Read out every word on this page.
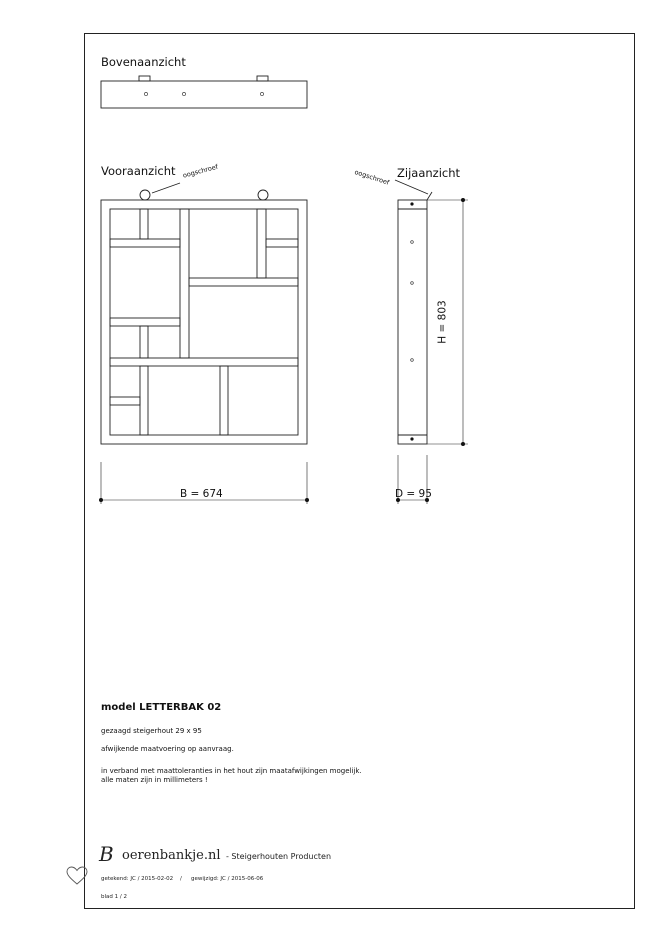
Bovenaanzicht
Vooraanzicht	Zijaanzicht
oogschroef	oogschroef
B = 674	D = 95
H = 803
model LETTERBAK 02
gezaagd steigerhout 29 x 95
afwijkende maatvoering op aanvraag.
in verband met maattoleranties in het hout zijn maatafwijkingen mogelijk.
alle maten zijn in millimeters !
B oerenbankje.nl - Steigerhouten Producten
getekend: JC / 2015-02-02 / gewijzigd: JC / 2015-06-06
blad 1 / 2
